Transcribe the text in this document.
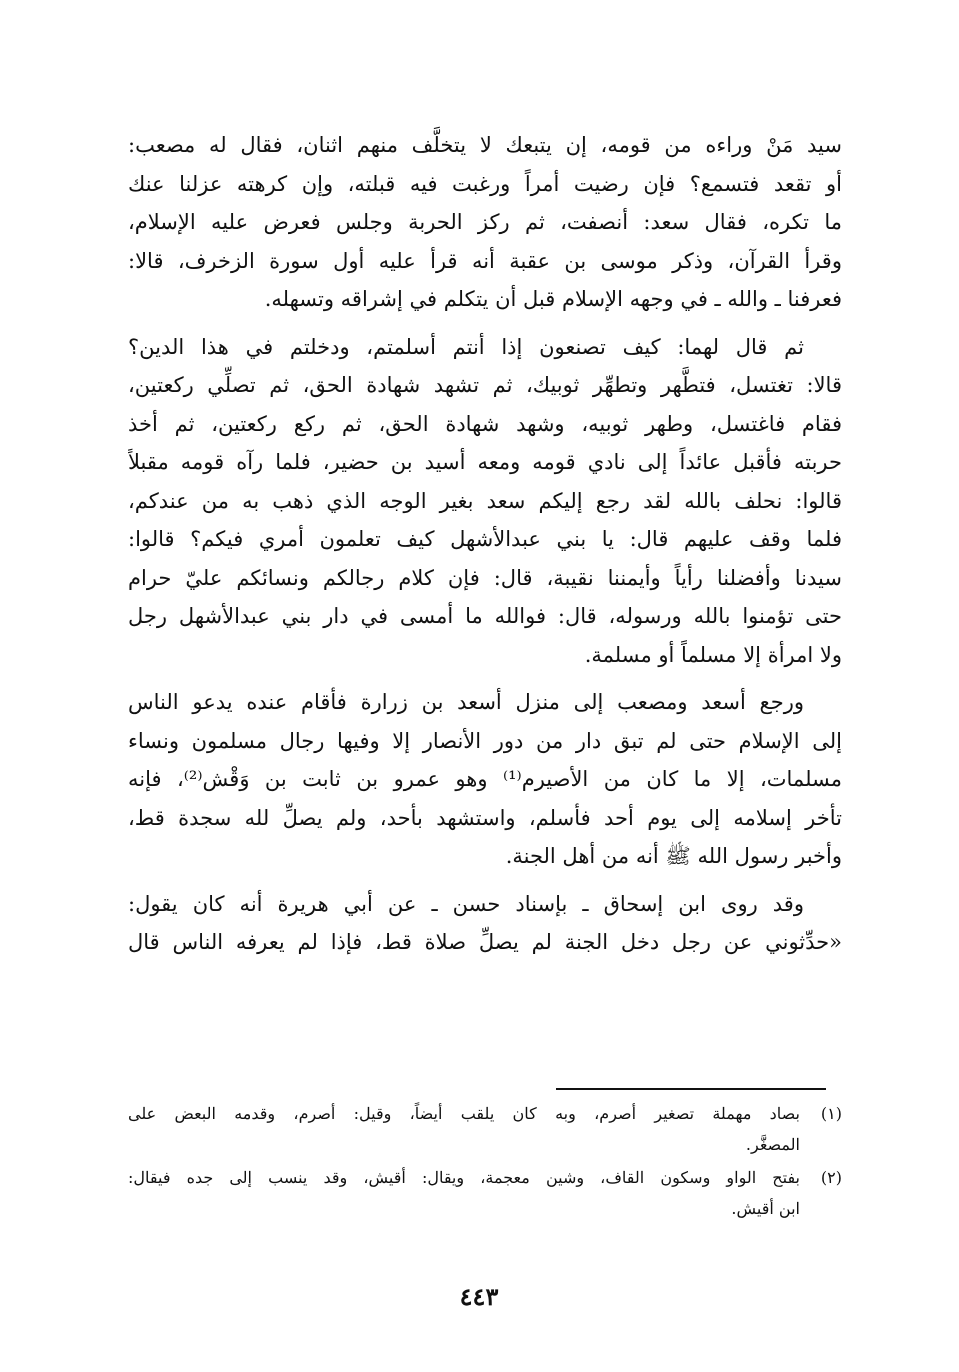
سيد مَنْ وراءه من قومه، إن يتبعك لا يتخلَّف منهم اثنان، فقال له مصعب:
أو تقعد فتسمع؟ فإن رضيت أمراً ورغبت فيه قبلته، وإن كرهته عزلنا عنك
ما تكره، فقال سعد: أنصفت، ثم ركز الحربة وجلس فعرض عليه الإسلام،
وقرأ القرآن، وذكر موسى بن عقبة أنه قرأ عليه أول سورة الزخرف، قالا:
فعرفنا ـ والله ـ في وجهه الإسلام قبل أن يتكلم في إشراقه وتسهله.
ثم قال لهما: كيف تصنعون إذا أنتم أسلمتم، ودخلتم في هذا الدين؟
قالا: تغتسل، فتطَّهر وتطهِّر ثوبيك، ثم تشهد شهادة الحق، ثم تصلِّي ركعتين،
فقام فاغتسل، وطهر ثوبيه، وشهد شهادة الحق، ثم ركع ركعتين، ثم أخذ
حربته فأقبل عائداً إلى نادي قومه ومعه أسيد بن حضير، فلما رآه قومه مقبلاً
قالوا: نحلف بالله لقد رجع إليكم سعد بغير الوجه الذي ذهب به من عندكم،
فلما وقف عليهم قال: يا بني عبدالأشهل كيف تعلمون أمري فيكم؟ قالوا:
سيدنا وأفضلنا رأياً وأيمننا نقيبة، قال: فإن كلام رجالكم ونسائكم عليّ حرام
حتى تؤمنوا بالله ورسوله، قال: فوالله ما أمسى في دار بني عبدالأشهل رجل
ولا امرأة إلا مسلماً أو مسلمة.
ورجع أسعد ومصعب إلى منزل أسعد بن زرارة فأقام عنده يدعو الناس
إلى الإسلام حتى لم تبق دار من دور الأنصار إلا وفيها رجال مسلمون ونساء
مسلمات، إلا ما كان من الأصيرم⁽¹⁾ وهو عمرو بن ثابت بن وَقْش⁽²⁾، فإنه
تأخر إسلامه إلى يوم أحد فأسلم، واستشهد بأحد، ولم يصلِّ لله سجدة قط،
وأخبر رسول الله ﷺ أنه من أهل الجنة.
وقد روى ابن إسحاق ـ بإسناد حسن ـ عن أبي هريرة أنه كان يقول:
«حدِّثوني عن رجل دخل الجنة لم يصلِّ صلاة قط، فإذا لم يعرفه الناس قال
(١)
بصاد مهملة تصغير أصرم، وبه كان يلقب أيضاً، وقيل: أصرم، وقدمه البعض على
المصغَّر.
(٢)
بفتح الواو وسكون القاف، وشين معجمة، ويقال: أقيش، وقد ينسب إلى جده فيقال:
ابن أقيش.
٤٤٣
